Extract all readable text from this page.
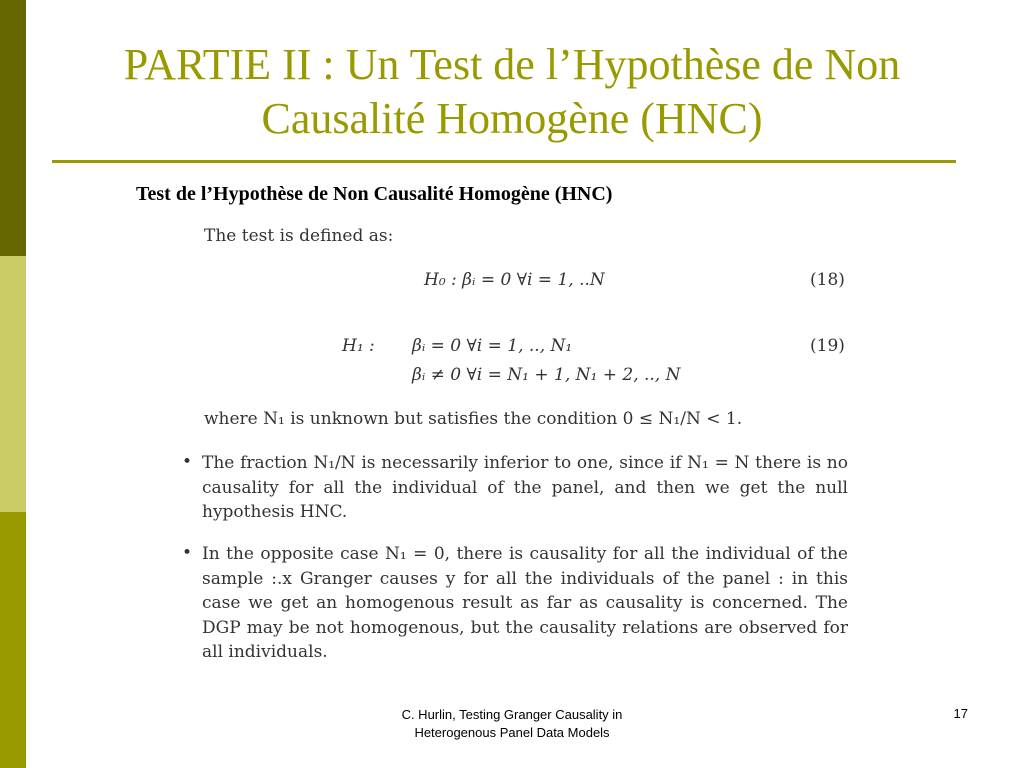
PARTIE II : Un Test de l’Hypothèse de Non
Causalité Homogène (HNC)
Test de l’Hypothèse de Non Causalité Homogène (HNC)
The test is defined as:
H₀ : βᵢ = 0 ∀i = 1, ..N	(18)
H₁ : βᵢ = 0 ∀i = 1, .., N₁	(19)
βᵢ ≠ 0 ∀i = N₁ + 1, N₁ + 2, .., N
where N₁ is unknown but satisfies the condition 0 ≤ N₁/N < 1.
• The fraction N₁/N is necessarily inferior to one, since if N₁ = N there is no causality for all the individual of the panel, and then we get the null hypothesis HNC.
• In the opposite case N₁ = 0, there is causality for all the individual of the sample :.x Granger causes y for all the individuals of the panel : in this case we get an homogenous result as far as causality is concerned. The DGP may be not homogenous, but the causality relations are observed for all individuals.
C. Hurlin, Testing Granger Causality in
Heterogenous Panel Data Models
17
